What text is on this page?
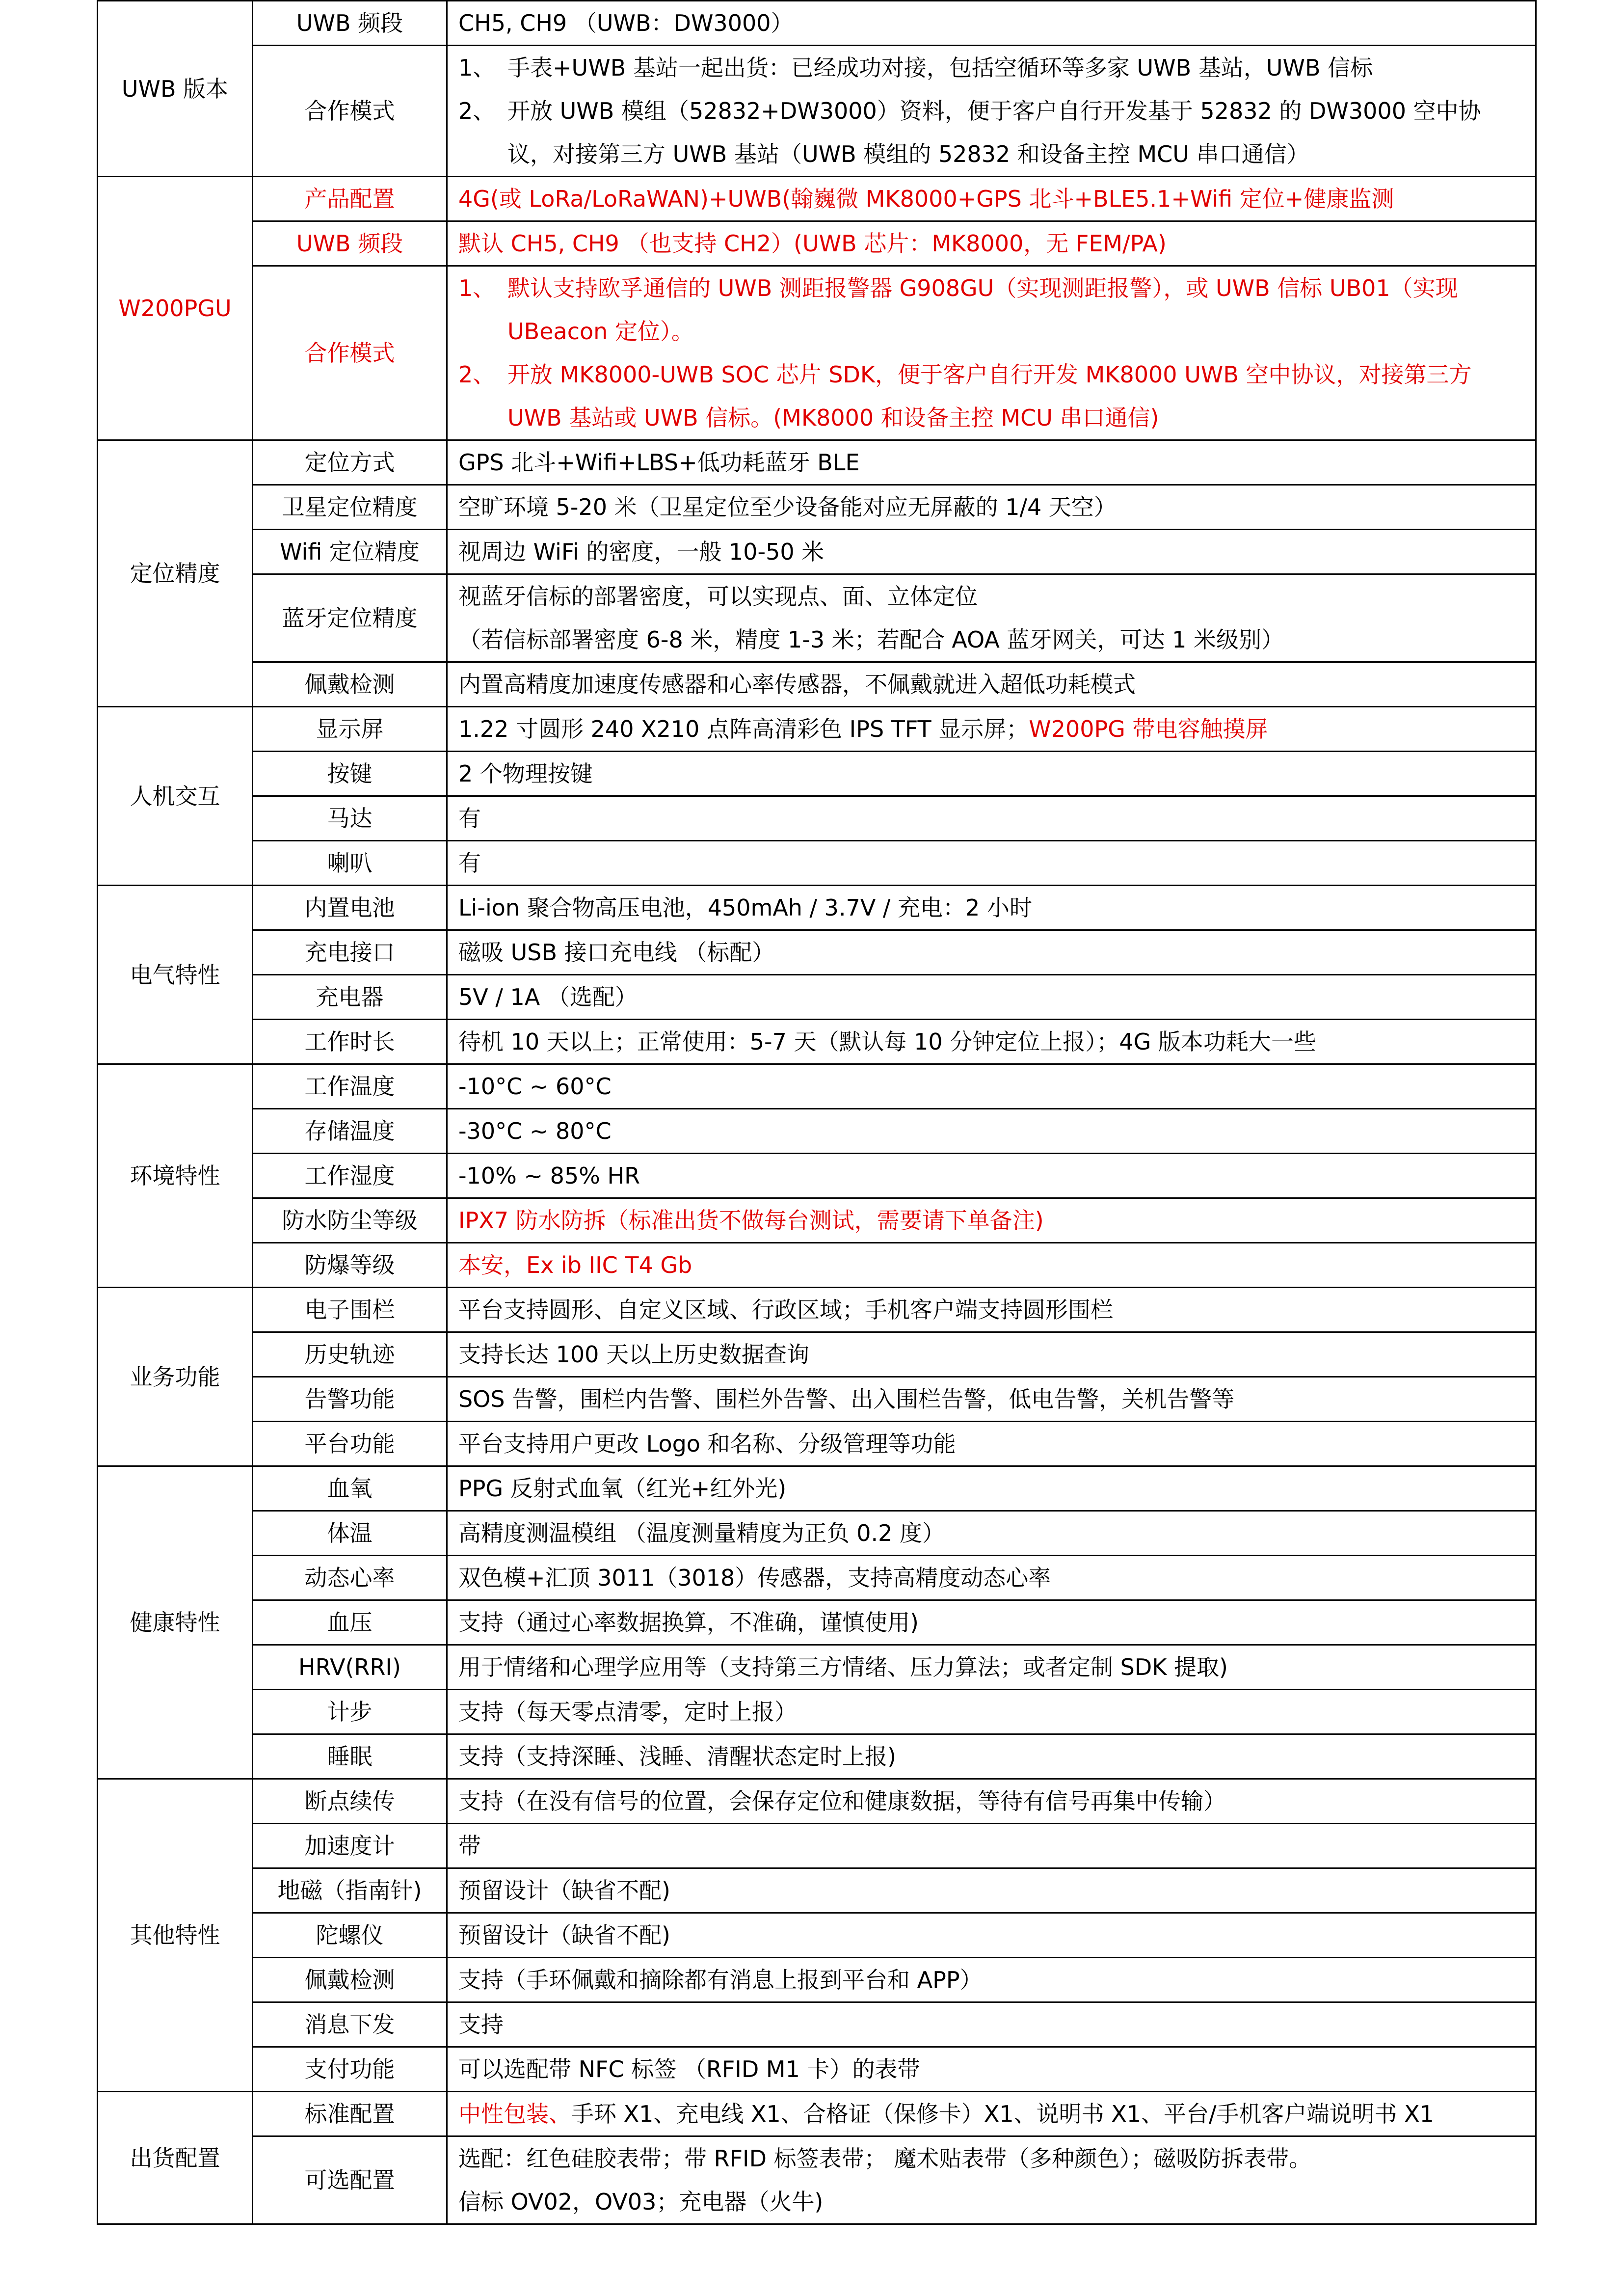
UWB 版本	UWB 频段	CH5, CH9 （UWB：DW3000）
	合作模式	1、 手表+UWB 基站一起出货：已经成功对接，包括空循环等多家 UWB 基站，UWB 信标
2、 开放 UWB 模组（52832+DW3000）资料，便于客户自行开发基于 52832 的 DW3000 空中协议，对接第三方 UWB 基站（UWB 模组的 52832 和设备主控 MCU 串口通信）

W200PGU	产品配置	4G(或 LoRa/LoRaWAN)+UWB(翰巍微 MK8000+GPS 北斗+BLE5.1+Wifi 定位+健康监测
	UWB 频段	默认 CH5, CH9 （也支持 CH2）(UWB 芯片：MK8000，无 FEM/PA)
	合作模式	1、 默认支持欧孚通信的 UWB 测距报警器 G908GU（实现测距报警），或 UWB 信标 UB01（实现 UBeacon 定位）。
2、 开放 MK8000-UWB SOC 芯片 SDK，便于客户自行开发 MK8000 UWB 空中协议，对接第三方 UWB 基站或 UWB 信标。(MK8000 和设备主控 MCU 串口通信)

定位精度	定位方式	GPS 北斗+Wifi+LBS+低功耗蓝牙 BLE
	卫星定位精度	空旷环境 5-20 米（卫星定位至少设备能对应无屏蔽的 1/4 天空）
	Wifi 定位精度	视周边 WiFi 的密度，一般 10-50 米
	蓝牙定位精度	视蓝牙信标的部署密度，可以实现点、面、立体定位
（若信标部署密度 6-8 米，精度 1-3 米；若配合 AOA 蓝牙网关，可达 1 米级别）

	佩戴检测	内置高精度加速度传感器和心率传感器，不佩戴就进入超低功耗模式
人机交互	显示屏	1.22 寸圆形 240 X210 点阵高清彩色 IPS TFT 显示屏；W200PG 带电容触摸屏
	按键	2 个物理按键
	马达	有
	喇叭	有
电气特性	内置电池	Li-ion 聚合物高压电池，450mAh / 3.7V / 充电：2 小时
	充电接口	磁吸 USB 接口充电线 （标配）
	充电器	5V / 1A （选配）
	工作时长	待机 10 天以上；正常使用：5-7 天（默认每 10 分钟定位上报）；4G 版本功耗大一些
环境特性	工作温度	-10°C ~ 60°C
	存储温度	-30°C ~ 80°C
	工作湿度	-10% ~ 85% HR
	防水防尘等级	IPX7 防水防拆（标准出货不做每台测试，需要请下单备注)
	防爆等级	本安，Ex ib IIC T4 Gb
业务功能	电子围栏	平台支持圆形、自定义区域、行政区域；手机客户端支持圆形围栏
	历史轨迹	支持长达 100 天以上历史数据查询
	告警功能	SOS 告警，围栏内告警、围栏外告警、出入围栏告警，低电告警，关机告警等
	平台功能	平台支持用户更改 Logo 和名称、分级管理等功能
健康特性	血氧	PPG 反射式血氧（红光+红外光)
	体温	高精度测温模组 （温度测量精度为正负 0.2 度）
	动态心率	双色模+汇顶 3011（3018）传感器，支持高精度动态心率
	血压	支持（通过心率数据换算，不准确，谨慎使用)
	HRV(RRI)	用于情绪和心理学应用等（支持第三方情绪、压力算法；或者定制 SDK 提取)
	计步	支持（每天零点清零，定时上报）
	睡眠	支持（支持深睡、浅睡、清醒状态定时上报)
其他特性	断点续传	支持（在没有信号的位置，会保存定位和健康数据，等待有信号再集中传输）
	加速度计	带
	地磁（指南针)	预留设计（缺省不配)
	陀螺仪	预留设计（缺省不配)
	佩戴检测	支持（手环佩戴和摘除都有消息上报到平台和 APP）
	消息下发	支持
	支付功能	可以选配带 NFC 标签 （RFID M1 卡）的表带
出货配置	标准配置	中性包装、手环 X1、充电线 X1、合格证（保修卡）X1、说明书 X1、平台/手机客户端说明书 X1
	可选配置	选配：红色硅胶表带；带 RFID 标签表带； 魔术贴表带（多种颜色）；磁吸防拆表带。
信标 OV02，OV03；充电器（火牛)
